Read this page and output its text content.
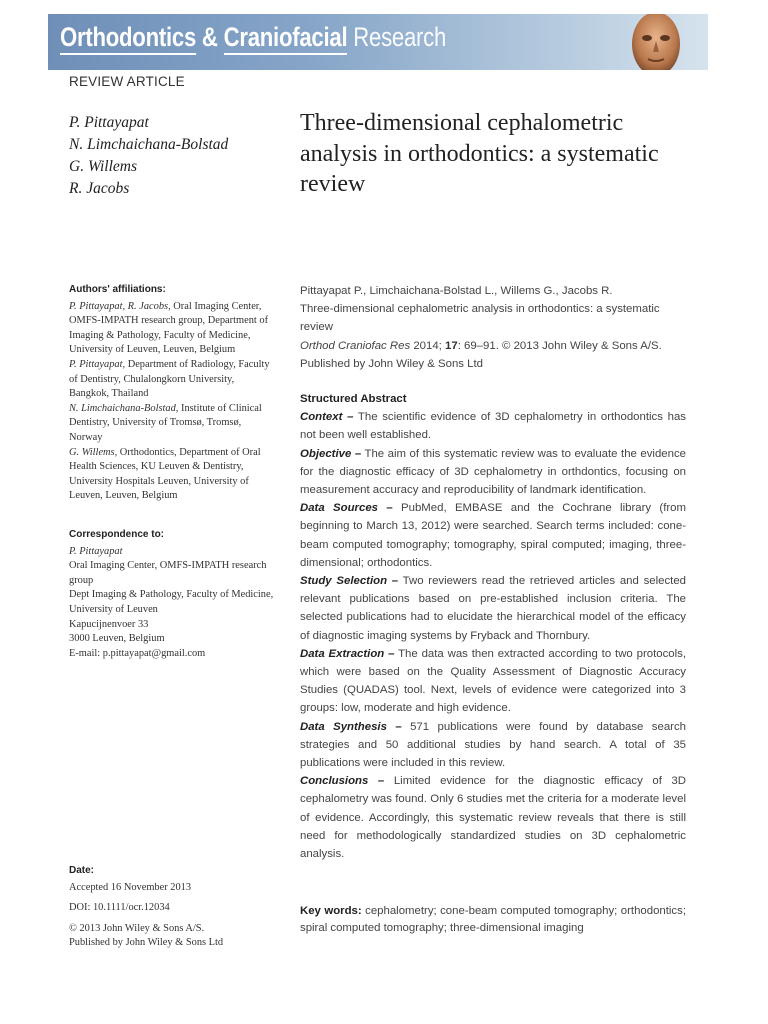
Orthodontics & Craniofacial Research
REVIEW ARTICLE
P. Pittayapat
N. Limchaichana-Bolstad
G. Willems
R. Jacobs
Three-dimensional cephalometric analysis in orthodontics: a systematic review
Authors' affiliations:

P. Pittayapat, R. Jacobs, Oral Imaging Center, OMFS-IMPATH research group, Department of Imaging & Pathology, Faculty of Medicine, University of Leuven, Leuven, Belgium

P. Pittayapat, Department of Radiology, Faculty of Dentistry, Chulalongkorn University, Bangkok, Thailand

N. Limchaichana-Bolstad, Institute of Clinical Dentistry, University of Tromsø, Tromsø, Norway

G. Willems, Orthodontics, Department of Oral Health Sciences, KU Leuven & Dentistry, University Hospitals Leuven, University of Leuven, Leuven, Belgium

Correspondence to:

P. Pittayapat

Oral Imaging Center, OMFS-IMPATH research group

Dept Imaging & Pathology, Faculty of Medicine, University of Leuven

Kapucijnenvoer 33

3000 Leuven, Belgium

E-mail: p.pittayapat@gmail.com

Date:

Accepted 16 November 2013

DOI: 10.1111/ocr.12034

© 2013 John Wiley & Sons A/S.

Published by John Wiley & Sons Ltd

Pittayapat P., Limchaichana-Bolstad L., Willems G., Jacobs R.

Three-dimensional cephalometric analysis in orthodontics: a systematic review

Orthod Craniofac Res 2014; 17: 69–91. © 2013 John Wiley & Sons A/S. Published by John Wiley & Sons Ltd

Structured Abstract

Context – The scientific evidence of 3D cephalometry in orthodontics has not been well established.

Objective – The aim of this systematic review was to evaluate the evidence for the diagnostic efficacy of 3D cephalometry in orthdontics, focusing on measurement accuracy and reproducibility of landmark identification.

Data Sources – PubMed, EMBASE and the Cochrane library (from beginning to March 13, 2012) were searched. Search terms included: cone-beam computed tomography; tomography, spiral computed; imaging, three-dimensional; orthodontics.

Study Selection – Two reviewers read the retrieved articles and selected relevant publications based on pre-established inclusion criteria. The selected publications had to elucidate the hierarchical model of the efficacy of diagnostic imaging systems by Fryback and Thornbury.

Data Extraction – The data was then extracted according to two protocols, which were based on the Quality Assessment of Diagnostic Accuracy Studies (QUADAS) tool. Next, levels of evidence were categorized into 3 groups: low, moderate and high evidence.

Data Synthesis – 571 publications were found by database search strategies and 50 additional studies by hand search. A total of 35 publications were included in this review.

Conclusions – Limited evidence for the diagnostic efficacy of 3D cephalometry was found. Only 6 studies met the criteria for a moderate level of evidence. Accordingly, this systematic review reveals that there is still need for methodologically standardized studies on 3D cephalometric analysis.

Key words: cephalometry; cone-beam computed tomography; orthodontics; spiral computed tomography; three-dimensional imaging
